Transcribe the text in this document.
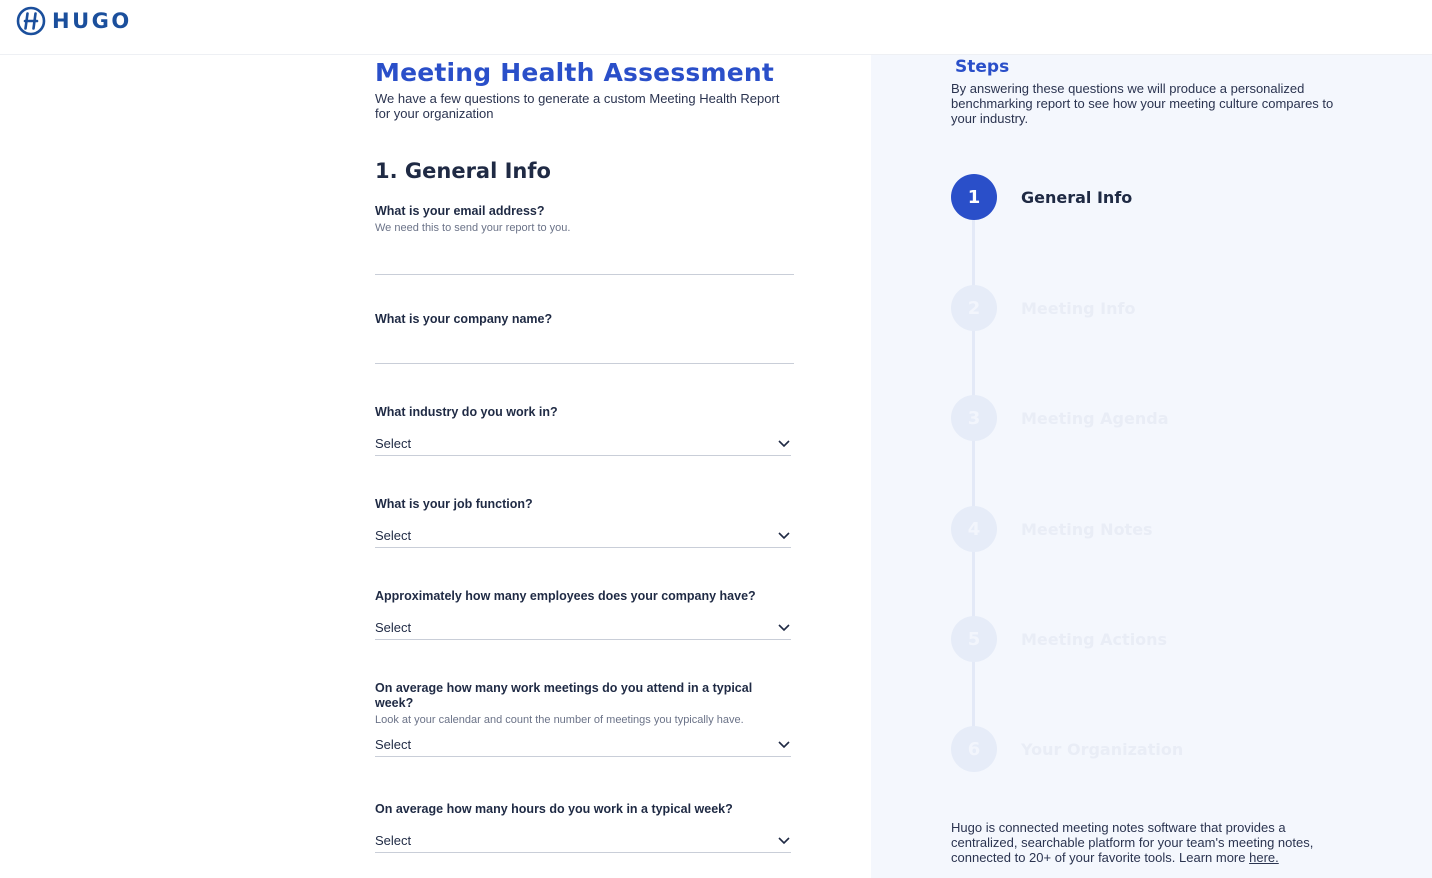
HUGO
Meeting Health Assessment
We have a few questions to generate a custom Meeting Health Report for your organization
1. General Info
What is your email address?
We need this to send your report to you.
What is your company name?
What industry do you work in?
Select
What is your job function?
Select
Approximately how many employees does your company have?
Select
On average how many work meetings do you attend in a typical week?
Look at your calendar and count the number of meetings you typically have.
Select
On average how many hours do you work in a typical week?
Select
Steps
By answering these questions we will produce a personalized benchmarking report to see how your meeting culture compares to your industry.
1	General Info
2	Meeting Info
3	Meeting Agenda
4	Meeting Notes
5	Meeting Actions
6	Your Organization
Hugo is connected meeting notes software that provides a centralized, searchable platform for your team's meeting notes, connected to 20+ of your favorite tools. Learn more here.
